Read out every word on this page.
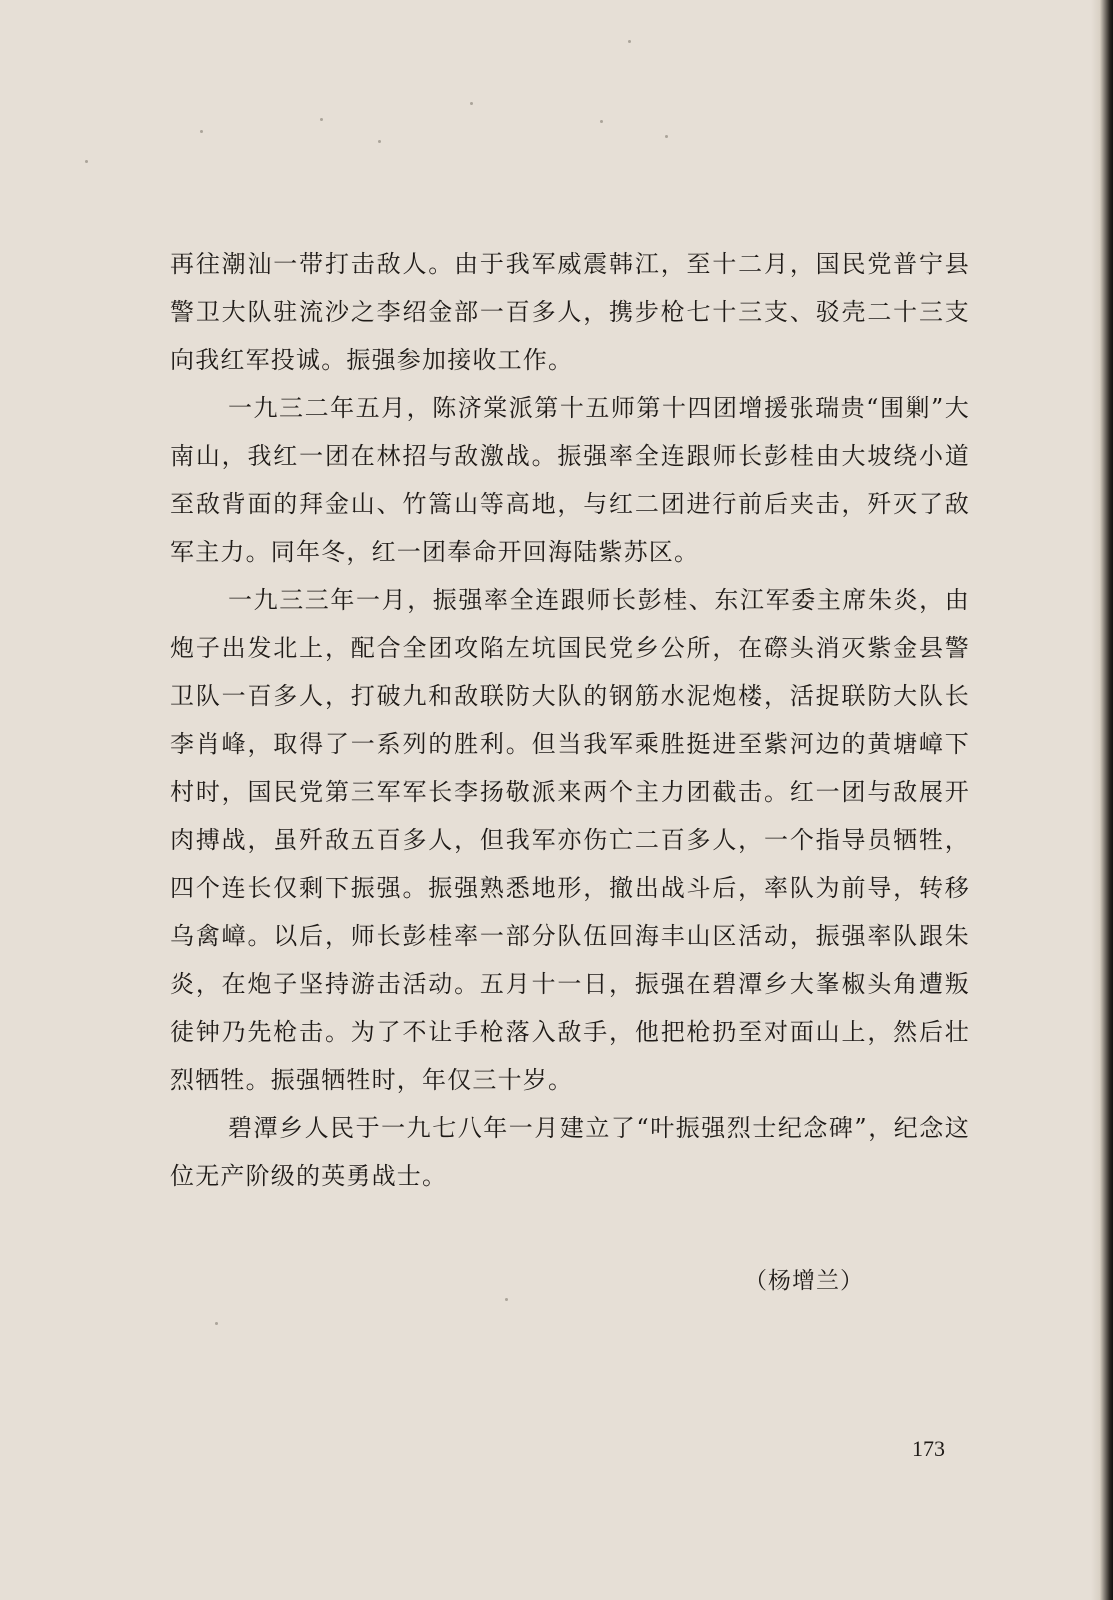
再往潮汕一带打击敌人。由于我军威震韩江，至十二月，国民党普宁县警卫大队驻流沙之李绍金部一百多人，携步枪七十三支、驳壳二十三支向我红军投诚。振强参加接收工作。

一九三二年五月，陈济棠派第十五师第十四团增援张瑞贵“围剿”大南山，我红一团在林招与敌激战。振强率全连跟师长彭桂由大坡绕小道至敌背面的拜金山、竹篙山等高地，与红二团进行前后夹击，歼灭了敌军主力。同年冬，红一团奉命开回海陆紫苏区。

一九三三年一月，振强率全连跟师长彭桂、东江军委主席朱炎，由炮子出发北上，配合全团攻陷左坑国民党乡公所，在磜头消灭紫金县警卫队一百多人，打破九和敌联防大队的钢筋水泥炮楼，活捉联防大队长李肖峰，取得了一系列的胜利。但当我军乘胜挺进至紫河边的黄塘嶂下村时，国民党第三军军长李扬敬派来两个主力团截击。红一团与敌展开肉搏战，虽歼敌五百多人，但我军亦伤亡二百多人，一个指导员牺牲，四个连长仅剩下振强。振强熟悉地形，撤出战斗后，率队为前导，转移乌禽嶂。以后，师长彭桂率一部分队伍回海丰山区活动，振强率队跟朱炎，在炮子坚持游击活动。五月十一日，振强在碧潭乡大峯椒头角遭叛徒钟乃先枪击。为了不让手枪落入敌手，他把枪扔至对面山上，然后壮烈牺牲。振强牺牲时，年仅三十岁。

碧潭乡人民于一九七八年一月建立了“叶振强烈士纪念碑”，纪念这位无产阶级的英勇战士。

（杨增兰）
173
